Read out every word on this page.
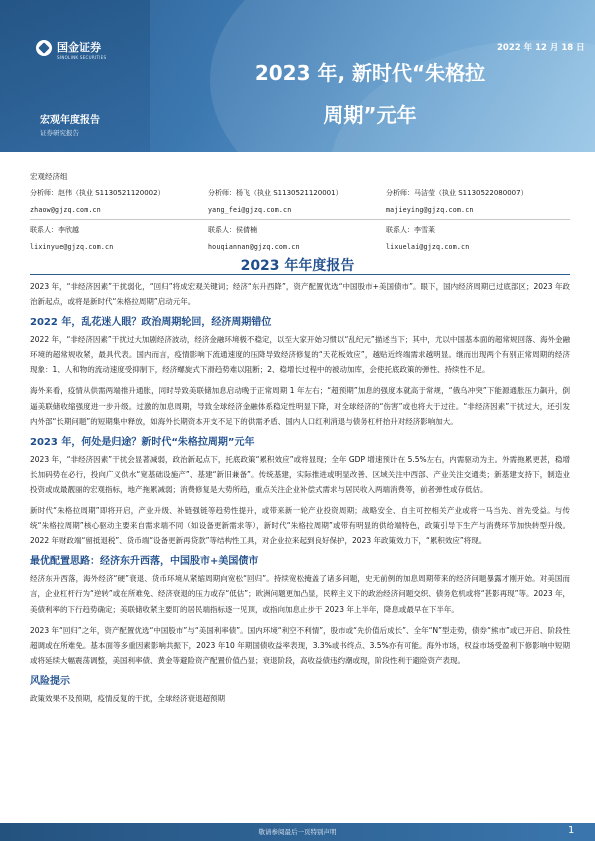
国金证券
SINOLINK SECURITIES
2022 年 12 月 18 日
2023 年, 新时代“朱格拉
周期”元年
宏观年度报告
证券研究报告
宏观经济组
分析师：赵伟（执业 S1130521120002）	分析师：杨飞（执业 S1130521120001）	分析师：马洁莹（执业 S1130522080007）
zhaow@gjzq.com.cn	yang_fei@gjzq.com.cn	majieying@gjzq.com.cn
联系人：李欣越	联系人：侯倩楠	联系人：李雪莱
lixinyue@gjzq.com.cn	houqiannan@gjzq.com.cn	lixuelai@gjzq.com.cn
2023 年年度报告

2023 年，“非经济因素”干扰弱化，“回归”将成宏观关键词；经济“东升西降”，资产配置优选“中国股市+美国债市”。眼下，国内经济周期已过底部区；2023 年政治新起点，或将是新时代“朱格拉周期”启动元年。

2022 年，乱花迷人眼？政治周期轮回，经济周期错位

2022 年，“非经济因素”干扰过大加剧经济波动，经济金融环境极不稳定，以至大家开始习惯以“乱纪元”描述当下；其中，尤以中国基本面的超常规回落、海外金融环境的超常规收紧，最具代表。国内而言，疫情影响下流通速度的压降导致经济修复的“天花板效应”，越贴近终端需求越明显。继而出现两个有别正常周期的经济现象：1、人和物的流动速度受抑制下，经济螺旋式下滑趋势难以阻断；2、稳增长过程中的被动加库，会使托底政策的弹性、持续性不足。

海外来看，疫情从供需两端推升通胀，同时导致美联储加息启动晚于正常周期 1 年左右；“超预期”加息的强度本就高于常规，“俄乌冲突”下能源通胀压力飙升，倒逼美联储收缩强度进一步升级。过激的加息周期，导致全球经济金融体系稳定性明显下降，对全球经济的“伤害”或也将大于过往。“非经济因素”干扰过大，还引发内外部“长期问题”的短期集中释放，如海外长期资本开支不足下的供需矛盾、国内人口红利消退与债务杠杆抬升对经济影响加大。

2023 年，何处是归途？新时代“朱格拉周期”元年

2023 年，“非经济因素”干扰会显著减弱，政治新起点下，托底政策“累积效应”或将显现；全年 GDP 增速预计在 5.5%左右，内需驱动为主。外需拖累更甚，稳增长加码势在必行，投向广义供水“宽基础设施产”、基建“新旧兼备”。传统基建，实际推进或明显改善、区域关注中西部、产业关注交通类；新基建支持下，制造业投资或成最靓丽的宏观指标，地产拖累减弱；消费修复是大势所趋，重点关注企业补偿式需求与居民收入两端消费等，前者弹性或存低估。

新时代“朱格拉周期”即将开启，产业升级、补链强链等趋势性提升，或带来新一轮产业投资周期；战略安全、自主可控相关产业或将一马当先、首先受益。与传统“朱格拉周期”核心驱动主要来自需求端不同（如设备更新需求等），新时代“朱格拉周期”或带有明显的供给端特色，政策引导下生产与消费环节加快转型升级。2022 年财政端“留抵退税”、货币端“设备更新再贷款”等结构性工具，对企业拉来起到良好保护，2023 年政策效力下，“累积效应”将现。

最优配置思路：经济东升西落，中国股市+美国债市

经济东升西落，海外经济“硬”衰退、货币环境从紧缩周期向宽松“回归”。持续宽松掩盖了诸多问题，史无前例的加息周期带来的经济问题暴露才刚开始。对美国而言，企业杠杆行为“逆转”或在所难免、经济衰退的压力或存“低估”；欧洲问题更加凸显，民粹主义下的政治经济问题交织、债务危机或将“甚影再现”等。2023 年，美债利率的下行趋势确定；美联储收紧主要盯的居民端指标逐一见顶，或指向加息止步于 2023 年上半年，降息或最早在下半年。

2023 年“回归”之年，资产配置优选“中国股市”与“美国利率债”。国内环境“利空不利情”，股市或“先价值后成长”、全年“N”型走势，债券“熊市”或已开启、阶段性超调或在所难免。基本面等多重因素影响共振下，2023 年10 年期国债收益率表现，3.3%或书终点、3.5%亦有可能。海外市场，权益市场受盈利下修影响中短期或将延续大幅震荡调整，美国利率债、黄金等避险资产配置价值凸显；衰退阶段，高收益债违约潮或现，阶段性利于避险资产表现。

风险提示

政策效果不及预期，疫情反复的干扰，全球经济衰退超预期

敬请参阅最后一页特别声明	1
